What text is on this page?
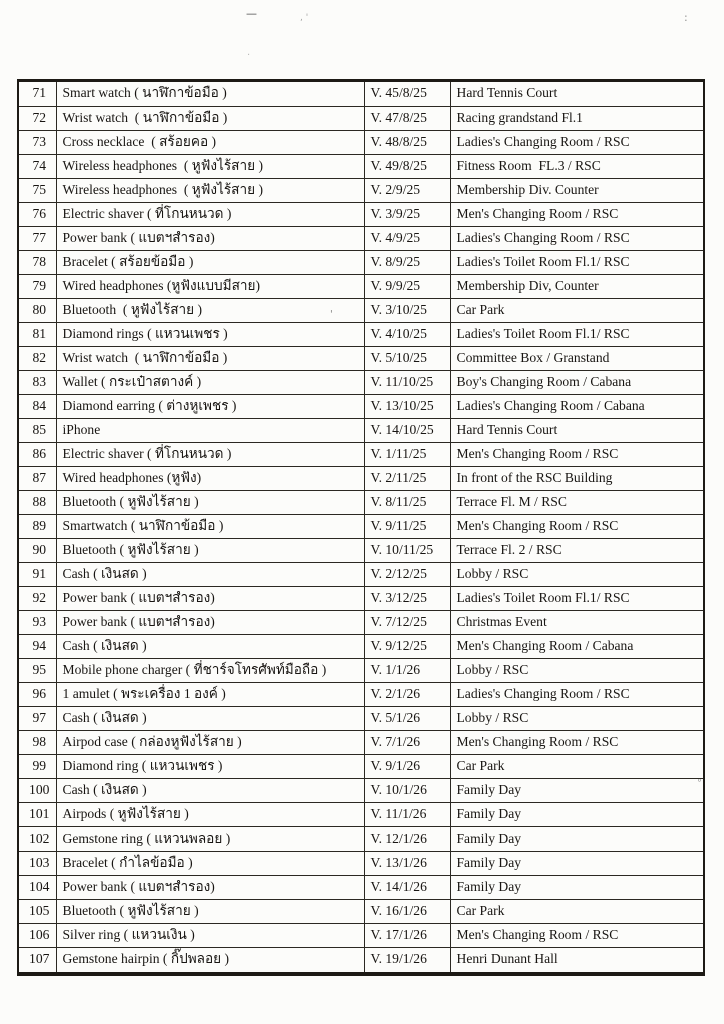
71	Smart watch ( นาฬิกาข้อมือ )	V. 45/8/25	Hard Tennis Court
72	Wrist watch  ( นาฬิกาข้อมือ )	V. 47/8/25	Racing grandstand Fl.1
73	Cross necklace  ( สร้อยคอ )	V. 48/8/25	Ladies's Changing Room / RSC
74	Wireless headphones  ( หูฟังไร้สาย )	V. 49/8/25	Fitness Room  FL.3 / RSC
75	Wireless headphones  ( หูฟังไร้สาย )	V. 2/9/25	Membership Div. Counter
76	Electric shaver ( ที่โกนหนวด )	V. 3/9/25	Men's Changing Room / RSC
77	Power bank ( แบตฯสำรอง)	V. 4/9/25	Ladies's Changing Room / RSC
78	Bracelet ( สร้อยข้อมือ )	V. 8/9/25	Ladies's Toilet Room Fl.1/ RSC
79	Wired headphones (หูฟังแบบมีสาย)	V. 9/9/25	Membership Div, Counter
80	Bluetooth  ( หูฟังไร้สาย )	V. 3/10/25	Car Park
81	Diamond rings ( แหวนเพชร )	V. 4/10/25	Ladies's Toilet Room Fl.1/ RSC
82	Wrist watch  ( นาฬิกาข้อมือ )	V. 5/10/25	Committee Box / Granstand
83	Wallet ( กระเป๋าสตางค์ )	V. 11/10/25	Boy's Changing Room / Cabana
84	Diamond earring ( ต่างหูเพชร )	V. 13/10/25	Ladies's Changing Room / Cabana
85	iPhone	V. 14/10/25	Hard Tennis Court
86	Electric shaver ( ที่โกนหนวด )	V. 1/11/25	Men's Changing Room / RSC
87	Wired headphones (หูฟัง)	V. 2/11/25	In front of the RSC Building
88	Bluetooth ( หูฟังไร้สาย )	V. 8/11/25	Terrace Fl. M / RSC
89	Smartwatch ( นาฬิกาข้อมือ )	V. 9/11/25	Men's Changing Room / RSC
90	Bluetooth ( หูฟังไร้สาย )	V. 10/11/25	Terrace Fl. 2 / RSC
91	Cash ( เงินสด )	V. 2/12/25	Lobby / RSC
92	Power bank ( แบตฯสำรอง)	V. 3/12/25	Ladies's Toilet Room Fl.1/ RSC
93	Power bank ( แบตฯสำรอง)	V. 7/12/25	Christmas Event
94	Cash ( เงินสด )	V. 9/12/25	Men's Changing Room / Cabana
95	Mobile phone charger ( ที่ชาร์จโทรศัพท์มือถือ )	V. 1/1/26	Lobby / RSC
96	1 amulet ( พระเครื่อง 1 องค์ )	V. 2/1/26	Ladies's Changing Room / RSC
97	Cash ( เงินสด )	V. 5/1/26	Lobby / RSC
98	Airpod case ( กล่องหูฟังไร้สาย )	V. 7/1/26	Men's Changing Room / RSC
99	Diamond ring ( แหวนเพชร )	V. 9/1/26	Car Park
100	Cash ( เงินสด )	V. 10/1/26	Family Day
101	Airpods ( หูฟังไร้สาย )	V. 11/1/26	Family Day
102	Gemstone ring ( แหวนพลอย )	V. 12/1/26	Family Day
103	Bracelet ( กำไลข้อมือ )	V. 13/1/26	Family Day
104	Power bank ( แบตฯสำรอง)	V. 14/1/26	Family Day
105	Bluetooth ( หูฟังไร้สาย )	V. 16/1/26	Car Park
106	Silver ring ( แหวนเงิน )	V. 17/1/26	Men's Changing Room / RSC
107	Gemstone hairpin ( กิ๊ปพลอย )	V. 19/1/26	Henri Dunant Hall
—	, '	:
·
'
°
